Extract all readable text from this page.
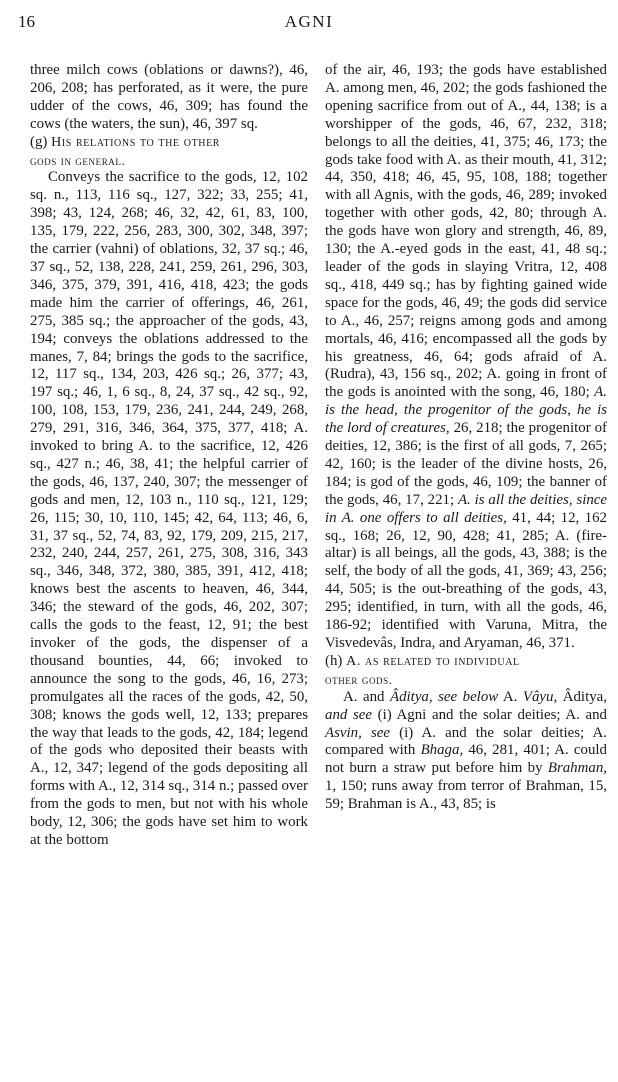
16	AGNI

three milch cows (oblations or dawns?), 46, 206, 208; has perforated, as it were, the pure udder of the cows, 46, 309; has found the cows (the waters, the sun), 46, 397 sq.

(g) His relations to the other
gods in general.

Conveys the sacrifice to the gods, 12, 102 sq. n., 113, 116 sq., 127, 322; 33, 255; 41, 398; 43, 124, 268; 46, 32, 42, 61, 83, 100, 135, 179, 222, 256, 283, 300, 302, 348, 397; the carrier (vahni) of oblations, 32, 37 sq.; 46, 37 sq., 52, 138, 228, 241, 259, 261, 296, 303, 346, 375, 379, 391, 416, 418, 423; the gods made him the carrier of offerings, 46, 261, 275, 385 sq.; the approacher of the gods, 43, 194; conveys the oblations addressed to the manes, 7, 84; brings the gods to the sacrifice, 12, 117 sq., 134, 203, 426 sq.; 26, 377; 43, 197 sq.; 46, 1, 6 sq., 8, 24, 37 sq., 42 sq., 92, 100, 108, 153, 179, 236, 241, 244, 249, 268, 279, 291, 316, 346, 364, 375, 377, 418; A. invoked to bring A. to the sacrifice, 12, 426 sq., 427 n.; 46, 38, 41; the helpful carrier of the gods, 46, 137, 240, 307; the messenger of gods and men, 12, 103 n., 110 sq., 121, 129; 26, 115; 30, 10, 110, 145; 42, 64, 113; 46, 6, 31, 37 sq., 52, 74, 83, 92, 179, 209, 215, 217, 232, 240, 244, 257, 261, 275, 308, 316, 343 sq., 346, 348, 372, 380, 385, 391, 412, 418; knows best the ascents to heaven, 46, 344, 346; the steward of the gods, 46, 202, 307; calls the gods to the feast, 12, 91; the best invoker of the gods, the dispenser of a thousand bounties, 44, 66; invoked to announce the song to the gods, 46, 16, 273; promulgates all the races of the gods, 42, 50, 308; knows the gods well, 12, 133; prepares the way that leads to the gods, 42, 184; legend of the gods who deposited their beasts with A., 12, 347; legend of the gods depositing all forms with A., 12, 314 sq., 314 n.; passed over from the gods to men, but not with his whole body, 12, 306; the gods have set him to work at the bottom

of the air, 46, 193; the gods have established A. among men, 46, 202; the gods fashioned the opening sacrifice from out of A., 44, 138; is a worshipper of the gods, 46, 67, 232, 318; belongs to all the deities, 41, 375; 46, 173; the gods take food with A. as their mouth, 41, 312; 44, 350, 418; 46, 45, 95, 108, 188; together with all Agnis, with the gods, 46, 289; invoked together with other gods, 42, 80; through A. the gods have won glory and strength, 46, 89, 130; the A.-eyed gods in the east, 41, 48 sq.; leader of the gods in slaying Vritra, 12, 408 sq., 418, 449 sq.; has by fighting gained wide space for the gods, 46, 49; the gods did service to A., 46, 257; reigns among gods and among mortals, 46, 416; encompassed all the gods by his greatness, 46, 64; gods afraid of A. (Rudra), 43, 156 sq., 202; A. going in front of the gods is anointed with the song, 46, 180; A. is the head, the progenitor of the gods, he is the lord of creatures, 26, 218; the progenitor of deities, 12, 386; is the first of all gods, 7, 265; 42, 160; is the leader of the divine hosts, 26, 184; is god of the gods, 46, 109; the banner of the gods, 46, 17, 221; A. is all the deities, since in A. one offers to all deities, 41, 44; 12, 162 sq., 168; 26, 12, 90, 428; 41, 285; A. (fire-altar) is all beings, all the gods, 43, 388; is the self, the body of all the gods, 41, 369; 43, 256; 44, 505; is the out-breathing of the gods, 43, 295; identified, in turn, with all the gods, 46, 186-92; identified with Varuna, Mitra, the Visvedevâs, Indra, and Aryaman, 46, 371.

(h) A. as related to individual
other gods.

A. and Âditya, see below A. Vâyu, Âditya, and see (i) Agni and the solar deities; A. and Asvin, see (i) A. and the solar deities; A. compared with Bhaga, 46, 281, 401; A. could not burn a straw put before him by Brahman, 1, 150; runs away from terror of Brahman, 15, 59; Brahman is A., 43, 85; is
